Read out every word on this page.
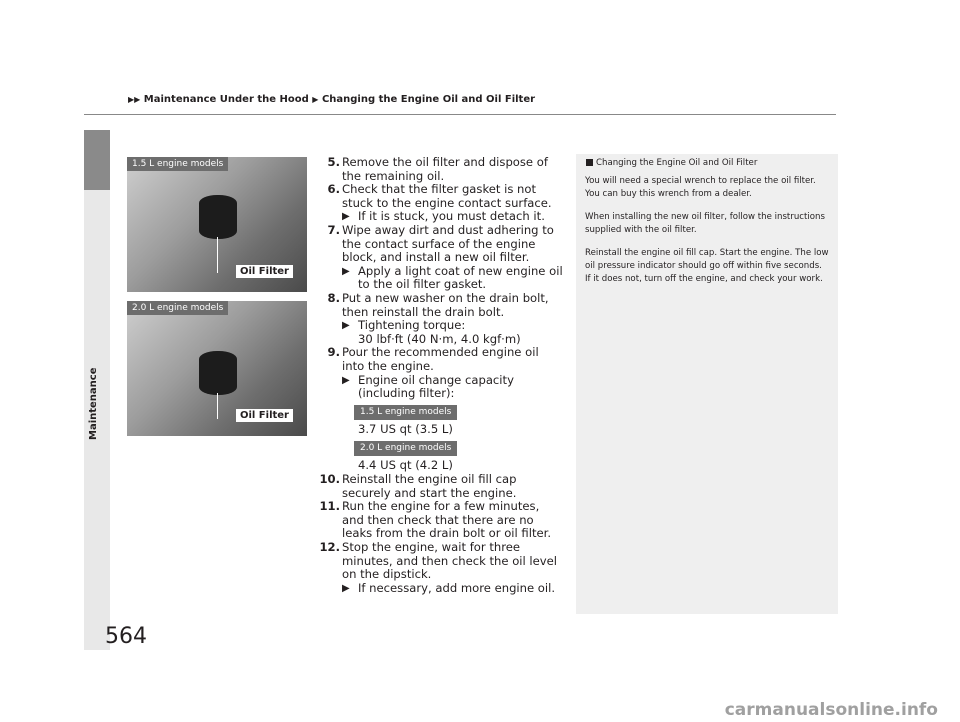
▶▶ Maintenance Under the Hood ▶ Changing the Engine Oil and Oil Filter
Maintenance
564
1.5 L engine models
Oil Filter
2.0 L engine models
Oil Filter

5. Remove the oil filter and dispose of the remaining oil.

6. Check that the filter gasket is not stuck to the engine contact surface.

▶ If it is stuck, you must detach it.

7. Wipe away dirt and dust adhering to the contact surface of the engine block, and install a new oil filter.

▶ Apply a light coat of new engine oil to the oil filter gasket.

8. Put a new washer on the drain bolt, then reinstall the drain bolt.

▶ Tightening torque:

30 lbf·ft (40 N·m, 4.0 kgf·m)

9. Pour the recommended engine oil into the engine.

▶ Engine oil change capacity (including filter):

1.5 L engine models

3.7 US qt (3.5 L)

2.0 L engine models

4.4 US qt (4.2 L)

10. Reinstall the engine oil fill cap securely and start the engine.

11. Run the engine for a few minutes, and then check that there are no leaks from the drain bolt or oil filter.

12. Stop the engine, wait for three minutes, and then check the oil level on the dipstick.

▶ If necessary, add more engine oil.

Changing the Engine Oil and Oil Filter

You will need a special wrench to replace the oil filter. You can buy this wrench from a dealer.

When installing the new oil filter, follow the instructions supplied with the oil filter.

Reinstall the engine oil fill cap. Start the engine. The low oil pressure indicator should go off within five seconds. If it does not, turn off the engine, and check your work.

carmanualsonline.info
